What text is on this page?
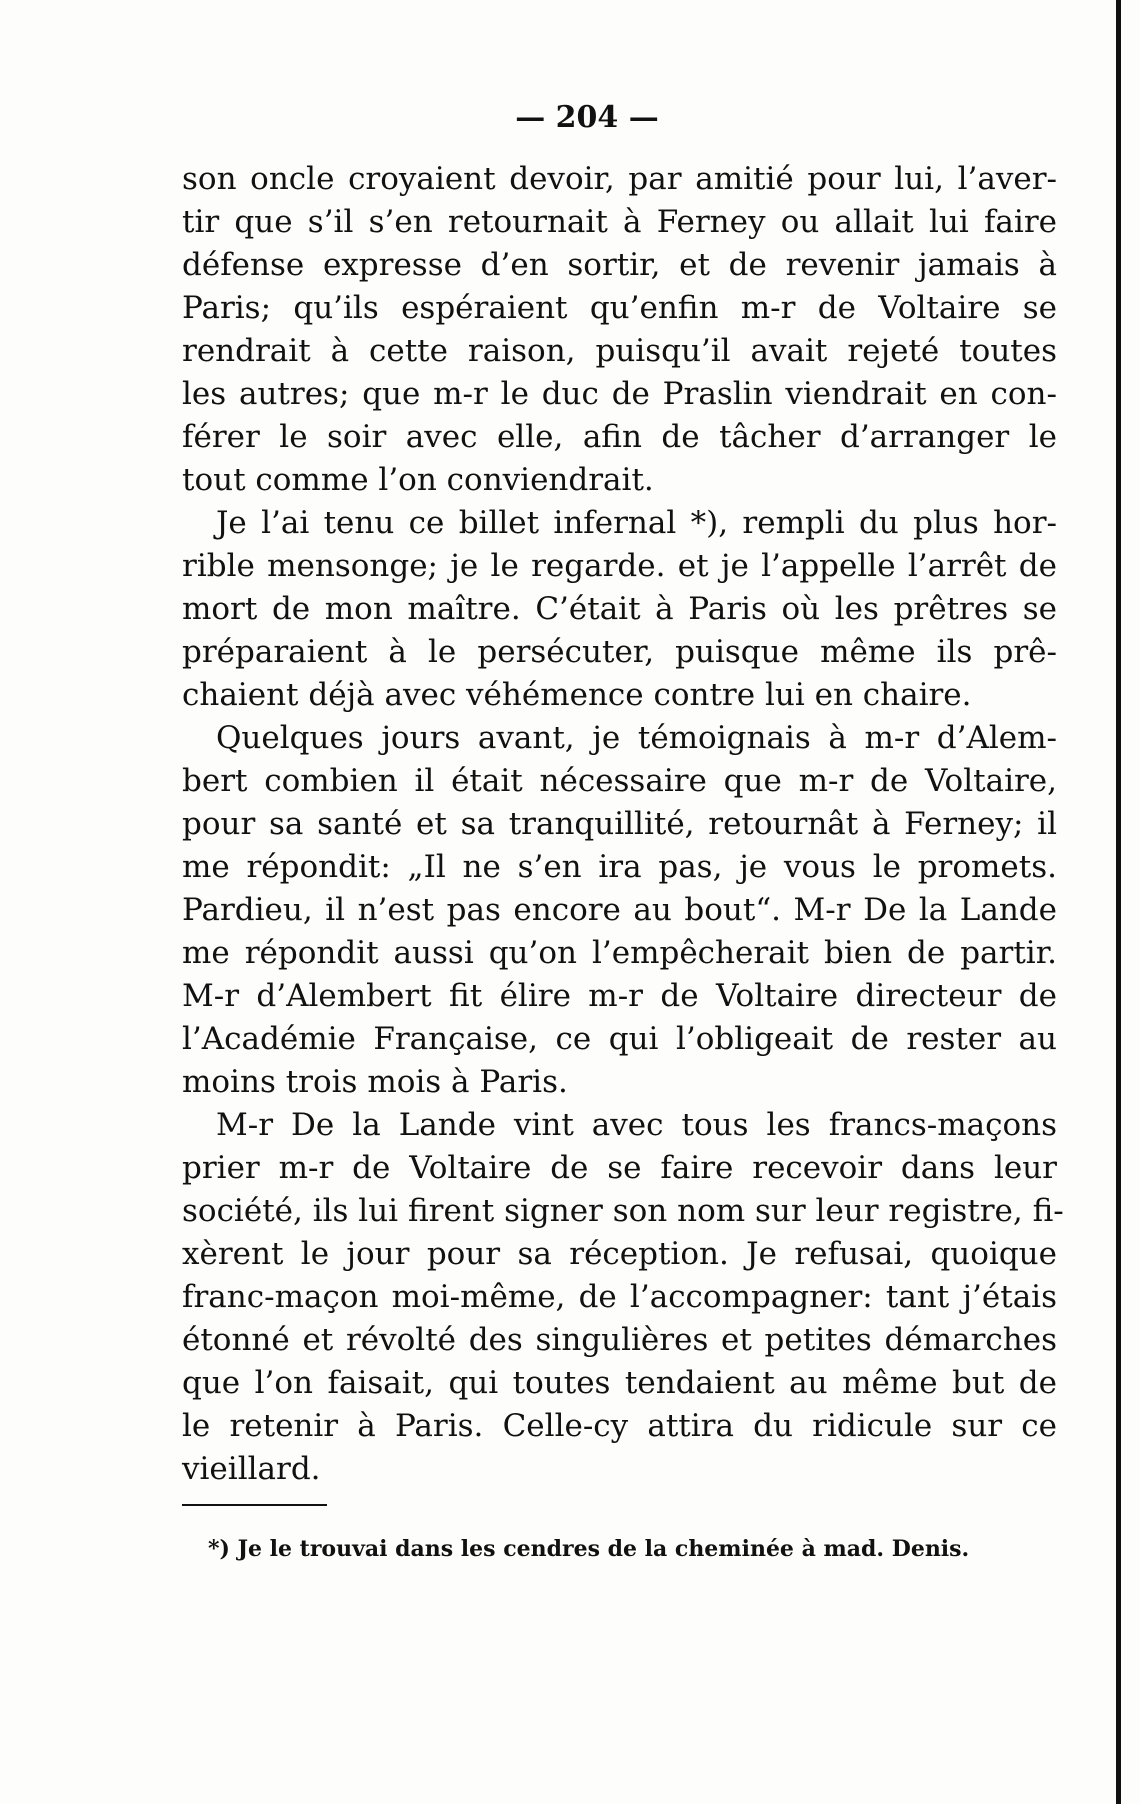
— 204 —
son oncle croyaient devoir, par amitié pour lui, l’aver-
tir que s’il s’en retournait à Ferney ou allait lui faire
défense expresse d’en sortir, et de revenir jamais à
Paris; qu’ils espéraient qu’enfin m-r de Voltaire se
rendrait à cette raison, puisqu’il avait rejeté toutes
les autres; que m-r le duc de Praslin viendrait en con-
férer le soir avec elle, afin de tâcher d’arranger le
tout comme l’on conviendrait.
Je l’ai tenu ce billet infernal *), rempli du plus hor-
rible mensonge; je le regarde. et je l’appelle l’arrêt de
mort de mon maître. C’était à Paris où les prêtres se
préparaient à le persécuter, puisque même ils prê-
chaient déjà avec véhémence contre lui en chaire.
Quelques jours avant, je témoignais à m-r d’Alem-
bert combien il était nécessaire que m-r de Voltaire,
pour sa santé et sa tranquillité, retournât à Ferney; il
me répondit: „Il ne s’en ira pas, je vous le promets.
Pardieu, il n’est pas encore au bout“. M-r De la Lande
me répondit aussi qu’on l’empêcherait bien de partir.
M-r d’Alembert fit élire m-r de Voltaire directeur de
l’Académie Française, ce qui l’obligeait de rester au
moins trois mois à Paris.
M-r De la Lande vint avec tous les francs-maçons
prier m-r de Voltaire de se faire recevoir dans leur
société, ils lui firent signer son nom sur leur registre, fi-
xèrent le jour pour sa réception. Je refusai, quoique
franc-maçon moi-même, de l’accompagner: tant j’étais
étonné et révolté des singulières et petites démarches
que l’on faisait, qui toutes tendaient au même but de
le retenir à Paris. Celle-cy attira du ridicule sur ce
vieillard.
*) Je le trouvai dans les cendres de la cheminée à mad. Denis.
